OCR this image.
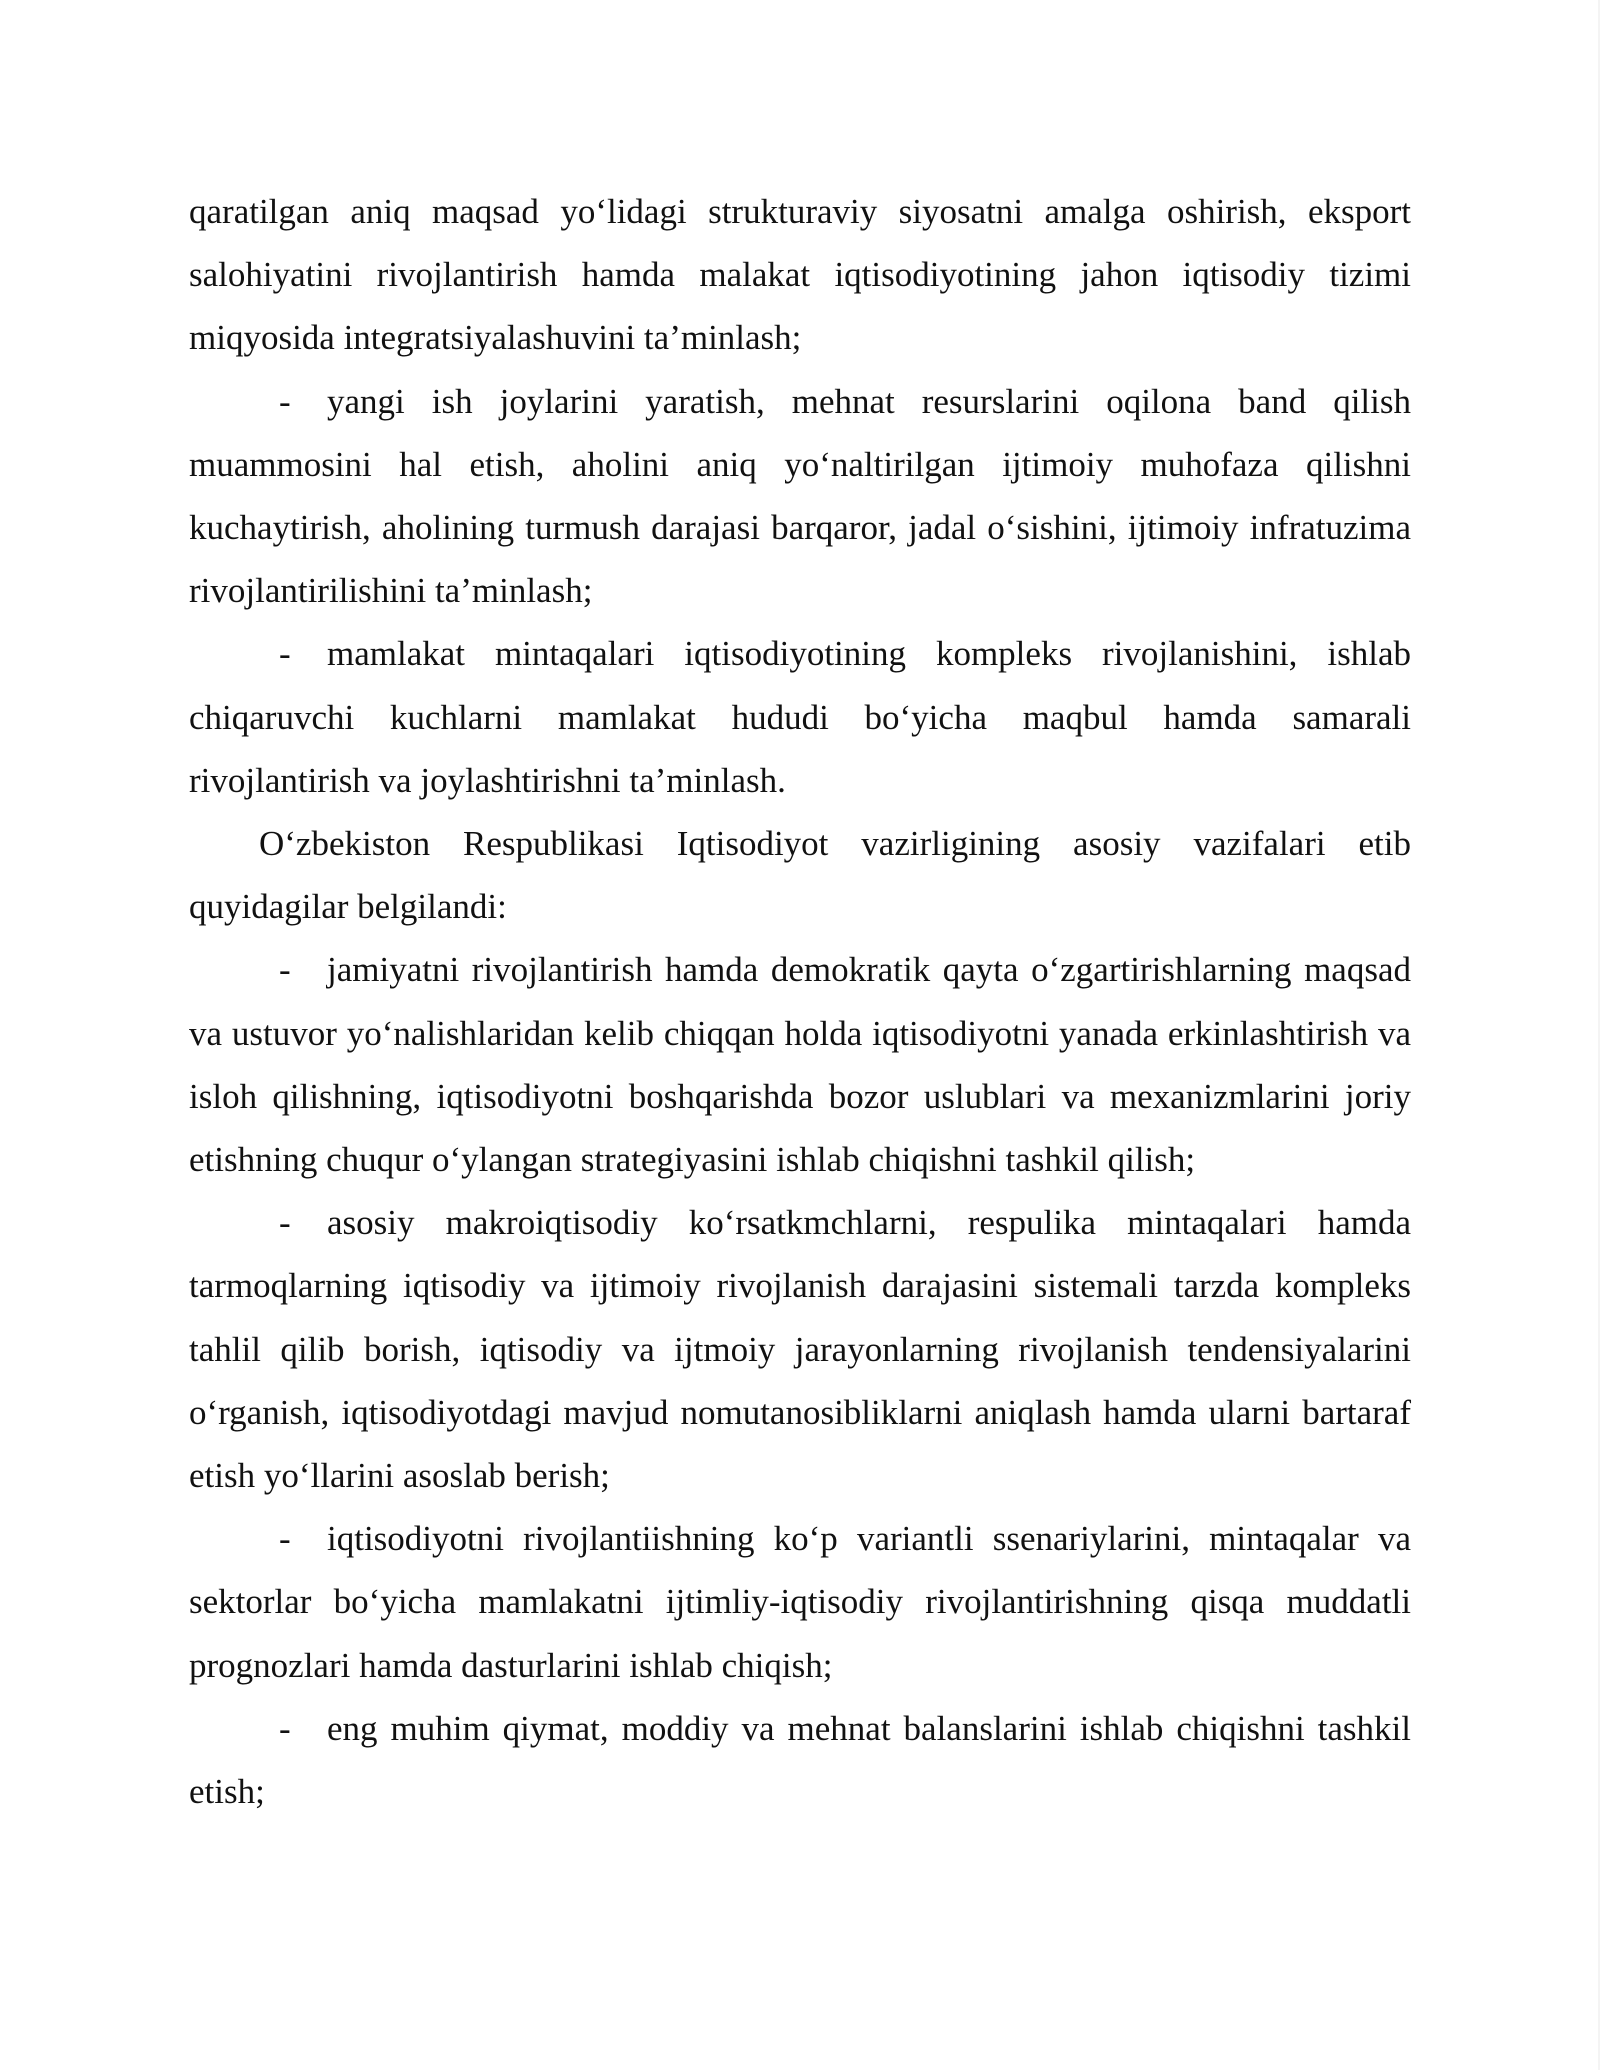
qaratilgan aniq maqsad yo‘lidagi strukturaviy siyosatni amalga oshirish, eksport salohiyatini rivojlantirish hamda malakat iqtisodiyotining jahon iqtisodiy tizimi miqyosida integratsiyalashuvini ta’minlash;

- yangi ish joylarini yaratish, mehnat resurslarini oqilona band qilish muammosini hal etish, aholini aniq yo‘naltirilgan ijtimoiy muhofaza qilishni kuchaytirish, aholining turmush darajasi barqaror, jadal o‘sishini, ijtimoiy infratuzima rivojlantirilishini ta’minlash;

- mamlakat mintaqalari iqtisodiyotining kompleks rivojlanishini, ishlab chiqaruvchi kuchlarni mamlakat hududi bo‘yicha maqbul hamda samarali rivojlantirish va joylashtirishni ta’minlash.

O‘zbekiston Respublikasi Iqtisodiyot vazirligining asosiy vazifalari etib quyidagilar belgilandi:

- jamiyatni rivojlantirish hamda demokratik qayta o‘zgartirishlarning maqsad va ustuvor yo‘nalishlaridan kelib chiqqan holda iqtisodiyotni yanada erkinlashtirish va isloh qilishning, iqtisodiyotni boshqarishda bozor uslublari va mexanizmlarini joriy etishning chuqur o‘ylangan strategiyasini ishlab chiqishni tashkil qilish;

- asosiy makroiqtisodiy ko‘rsatkmchlarni, respulika mintaqalari hamda tarmoqlarning iqtisodiy va ijtimoiy rivojlanish darajasini sistemali tarzda kompleks tahlil qilib borish, iqtisodiy va ijtmoiy jarayonlarning rivojlanish tendensiyalarini o‘rganish, iqtisodiyotdagi mavjud nomutanosibliklarni aniqlash hamda ularni bartaraf etish yo‘llarini asoslab berish;

- iqtisodiyotni rivojlantiishning ko‘p variantli ssenariylarini, mintaqalar va sektorlar bo‘yicha mamlakatni ijtimliy-iqtisodiy rivojlantirishning qisqa muddatli prognozlari hamda dasturlarini ishlab chiqish;

- eng muhim qiymat, moddiy va mehnat balanslarini ishlab chiqishni tashkil etish;
